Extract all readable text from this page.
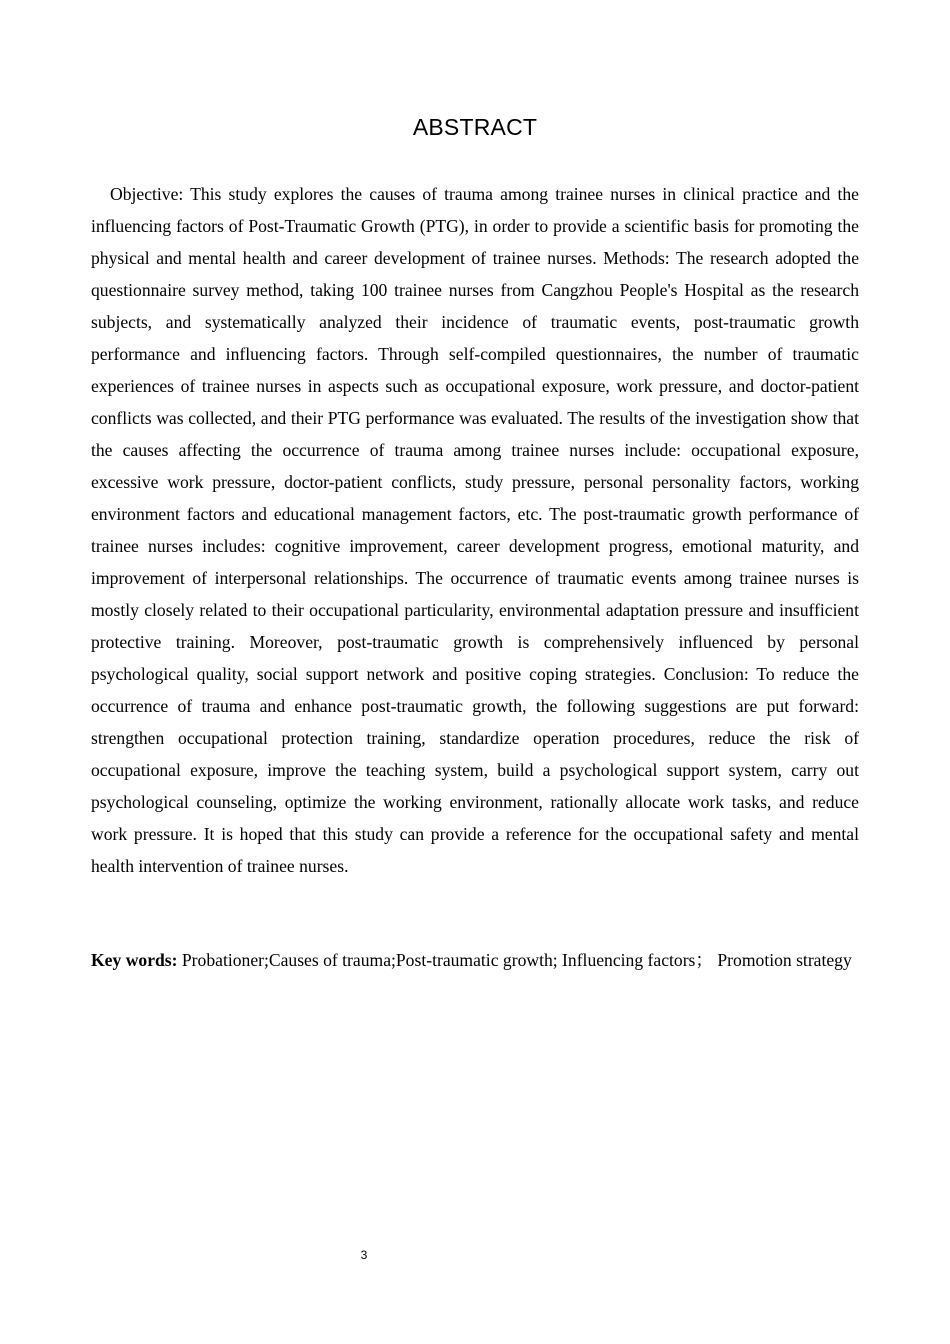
ABSTRACT

Objective: This study explores the causes of trauma among trainee nurses in clinical practice and the influencing factors of Post-Traumatic Growth (PTG), in order to provide a scientific basis for promoting the physical and mental health and career development of trainee nurses. Methods: The research adopted the questionnaire survey method, taking 100 trainee nurses from Cangzhou People's Hospital as the research subjects, and systematically analyzed their incidence of traumatic events, post-traumatic growth performance and influencing factors. Through self-compiled questionnaires, the number of traumatic experiences of trainee nurses in aspects such as occupational exposure, work pressure, and doctor-patient conflicts was collected, and their PTG performance was evaluated. The results of the investigation show that the causes affecting the occurrence of trauma among trainee nurses include: occupational exposure, excessive work pressure, doctor-patient conflicts, study pressure, personal personality factors, working environment factors and educational management factors, etc. The post-traumatic growth performance of trainee nurses includes: cognitive improvement, career development progress, emotional maturity, and improvement of interpersonal relationships. The occurrence of traumatic events among trainee nurses is mostly closely related to their occupational particularity, environmental adaptation pressure and insufficient protective training. Moreover, post-traumatic growth is comprehensively influenced by personal psychological quality, social support network and positive coping strategies. Conclusion: To reduce the occurrence of trauma and enhance post-traumatic growth, the following suggestions are put forward: strengthen occupational protection training, standardize operation procedures, reduce the risk of occupational exposure, improve the teaching system, build a psychological support system, carry out psychological counseling, optimize the working environment, rationally allocate work tasks, and reduce work pressure. It is hoped that this study can provide a reference for the occupational safety and mental health intervention of trainee nurses.

Key words: Probationer;Causes of trauma;Post-traumatic growth; Influencing factors； Promotion strategy

3
